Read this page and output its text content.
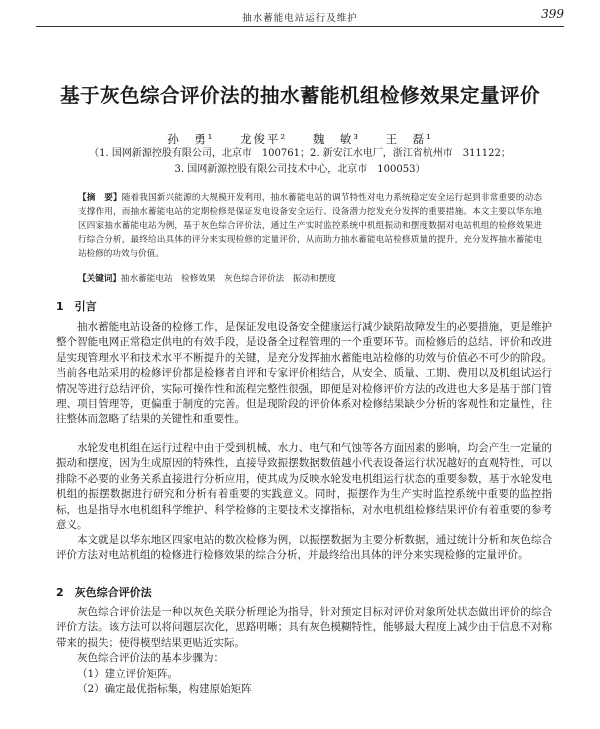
抽水蓄能电站运行及维护	399
基于灰色综合评价法的抽水蓄能机组检修效果定量评价
孙　勇¹ 龙俊平² 魏　敏³ 王　磊¹
（1. 国网新源控股有限公司，北京市　100761；2. 新安江水电厂，浙江省杭州市　311122；
3. 国网新源控股有限公司技术中心，北京市　100053）
【摘　要】随着我国新兴能源的大规模开发利用，抽水蓄能电站的调节特性对电力系统稳定安全运行起到非常重要的动态支撑作用，而抽水蓄能电站的定期检修是保证发电设备安全运行、设备潜力挖发充分发挥的重要措施。本文主要以华东地区四家抽水蓄能电站为例，基于灰色综合评价法，通过生产实时监控系统中机组振动和摆度数据对电站机组的检修效果进行综合分析，最终给出具体的评分来实现检修的定量评价，从而助力抽水蓄能电站检修质量的提升，充分发挥抽水蓄能电站检修的功效与价值。
【关键词】抽水蓄能电站　检修效果　灰色综合评价法　振动和摆度
1　引言
抽水蓄能电站设备的检修工作，是保证发电设备安全健康运行减少缺陷故障发生的必要措施，更是维护整个智能电网正常稳定供电的有效手段，是设备全过程管理的一个重要环节。而检修后的总结、评价和改进是实现管理水平和技术水平不断提升的关键，是充分发挥抽水蓄能电站检修的功效与价值必不可少的阶段。当前各电站采用的检修评价都是检修者自评和专家评价相结合，从安全、质量、工期、费用以及机组试运行情况等进行总结评价，实际可操作性和流程完整性很强，即便是对检修评价方法的改进也大多是基于部门管理、项目管理等，更偏重于制度的完善。但是现阶段的评价体系对检修结果缺少分析的客观性和定量性，往往整体而忽略了结果的关键性和重要性。
水轮发电机组在运行过程中由于受到机械、水力、电气和气蚀等各方面因素的影响，均会产生一定量的振动和摆度，因为生成原因的特殊性，直接导致振摆数据数值越小代表设备运行状况越好的直观特性，可以排除不必要的业务关系直接进行分析应用，使其成为反映水轮发电机组运行状态的重要参数，基于水轮发电机组的振摆数据进行研究和分析有着重要的实践意义。同时，振摆作为生产实时监控系统中重要的监控指标，也是指导水电机组科学维护、科学检修的主要技术支撑指标，对水电机组检修结果评价有着重要的参考意义。
本文就是以华东地区四家电站的数次检修为例，以振摆数据为主要分析数据，通过统计分析和灰色综合评价方法对电站机组的检修进行检修效果的综合分析，并最终给出具体的评分来实现检修的定量评价。
2　灰色综合评价法
灰色综合评价法是一种以灰色关联分析理论为指导，针对预定目标对评价对象所处状态做出评价的综合评价方法。该方法可以将问题层次化，思路明晰；具有灰色模糊特性，能够最大程度上减少由于信息不对称带来的损失；使得模型结果更贴近实际。
灰色综合评价法的基本步骤为：
（1）建立评价矩阵。
（2）确定最优指标集，构建原始矩阵
